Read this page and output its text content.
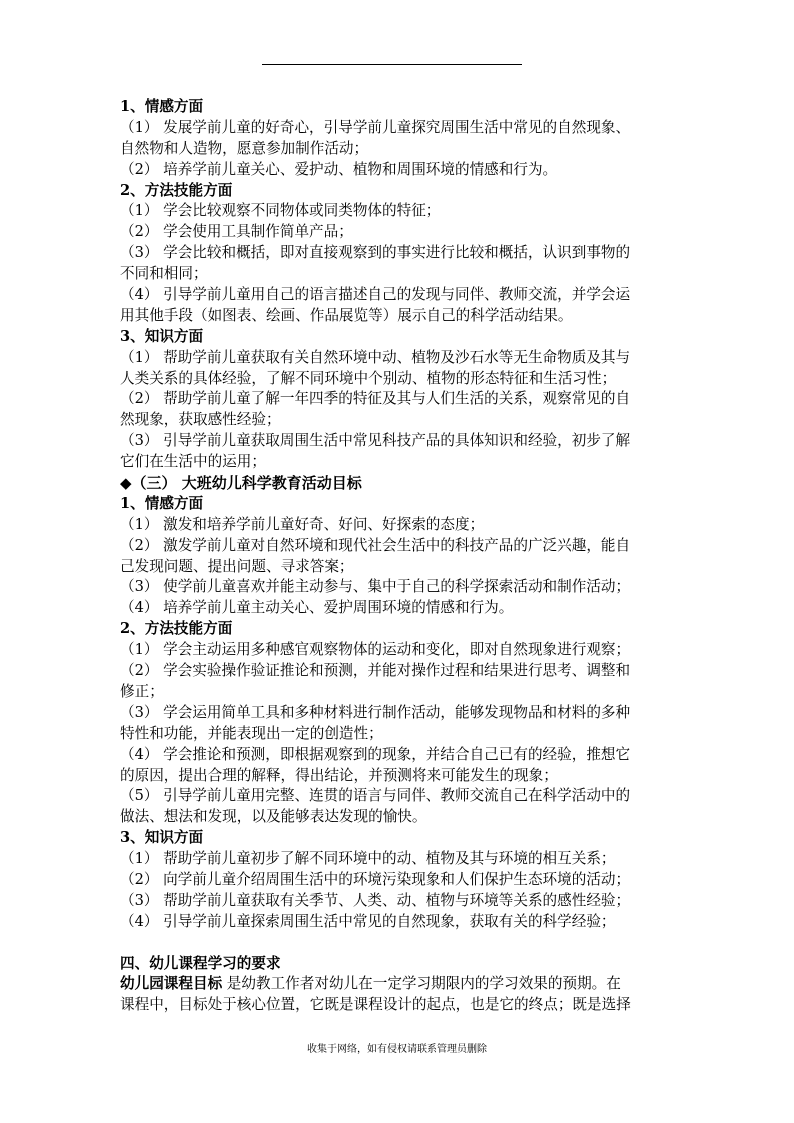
1、情感方面
（1） 发展学前儿童的好奇心，引导学前儿童探究周围生活中常见的自然现象、
自然物和人造物，愿意参加制作活动；
（2） 培养学前儿童关心、爱护动、植物和周围环境的情感和行为。
2、方法技能方面
（1） 学会比较观察不同物体或同类物体的特征；
（2） 学会使用工具制作简单产品；
（3） 学会比较和概括，即对直接观察到的事实进行比较和概括，认识到事物的
不同和相同；
（4） 引导学前儿童用自己的语言描述自己的发现与同伴、教师交流，并学会运
用其他手段（如图表、绘画、作品展览等）展示自己的科学活动结果。
3、知识方面
（1） 帮助学前儿童获取有关自然环境中动、植物及沙石水等无生命物质及其与
人类关系的具体经验，了解不同环境中个别动、植物的形态特征和生活习性；
（2） 帮助学前儿童了解一年四季的特征及其与人们生活的关系，观察常见的自
然现象，获取感性经验；
（3） 引导学前儿童获取周围生活中常见科技产品的具体知识和经验，初步了解
它们在生活中的运用；
◆（三） 大班幼儿科学教育活动目标
1、情感方面
（1） 激发和培养学前儿童好奇、好问、好探索的态度；
（2） 激发学前儿童对自然环境和现代社会生活中的科技产品的广泛兴趣，能自
己发现问题、提出问题、寻求答案；
（3） 使学前儿童喜欢并能主动参与、集中于自己的科学探索活动和制作活动；
（4） 培养学前儿童主动关心、爱护周围环境的情感和行为。
2、方法技能方面
（1） 学会主动运用多种感官观察物体的运动和变化，即对自然现象进行观察；
（2） 学会实验操作验证推论和预测，并能对操作过程和结果进行思考、调整和
修正；
（3） 学会运用简单工具和多种材料进行制作活动，能够发现物品和材料的多种
特性和功能，并能表现出一定的创造性；
（4） 学会推论和预测，即根据观察到的现象，并结合自己已有的经验，推想它
的原因，提出合理的解释，得出结论，并预测将来可能发生的现象；
（5） 引导学前儿童用完整、连贯的语言与同伴、教师交流自己在科学活动中的
做法、想法和发现，以及能够表达发现的愉快。
3、知识方面
（1） 帮助学前儿童初步了解不同环境中的动、植物及其与环境的相互关系；
（2） 向学前儿童介绍周围生活中的环境污染现象和人们保护生态环境的活动；
（3） 帮助学前儿童获取有关季节、人类、动、植物与环境等关系的感性经验；
（4） 引导学前儿童探索周围生活中常见的自然现象，获取有关的科学经验；
四、幼儿课程学习的要求
幼儿园课程目标 是幼教工作者对幼儿在一定学习期限内的学习效果的预期。在
课程中，目标处于核心位置，它既是课程设计的起点，也是它的终点；既是选择
收集于网络，如有侵权请联系管理员删除
